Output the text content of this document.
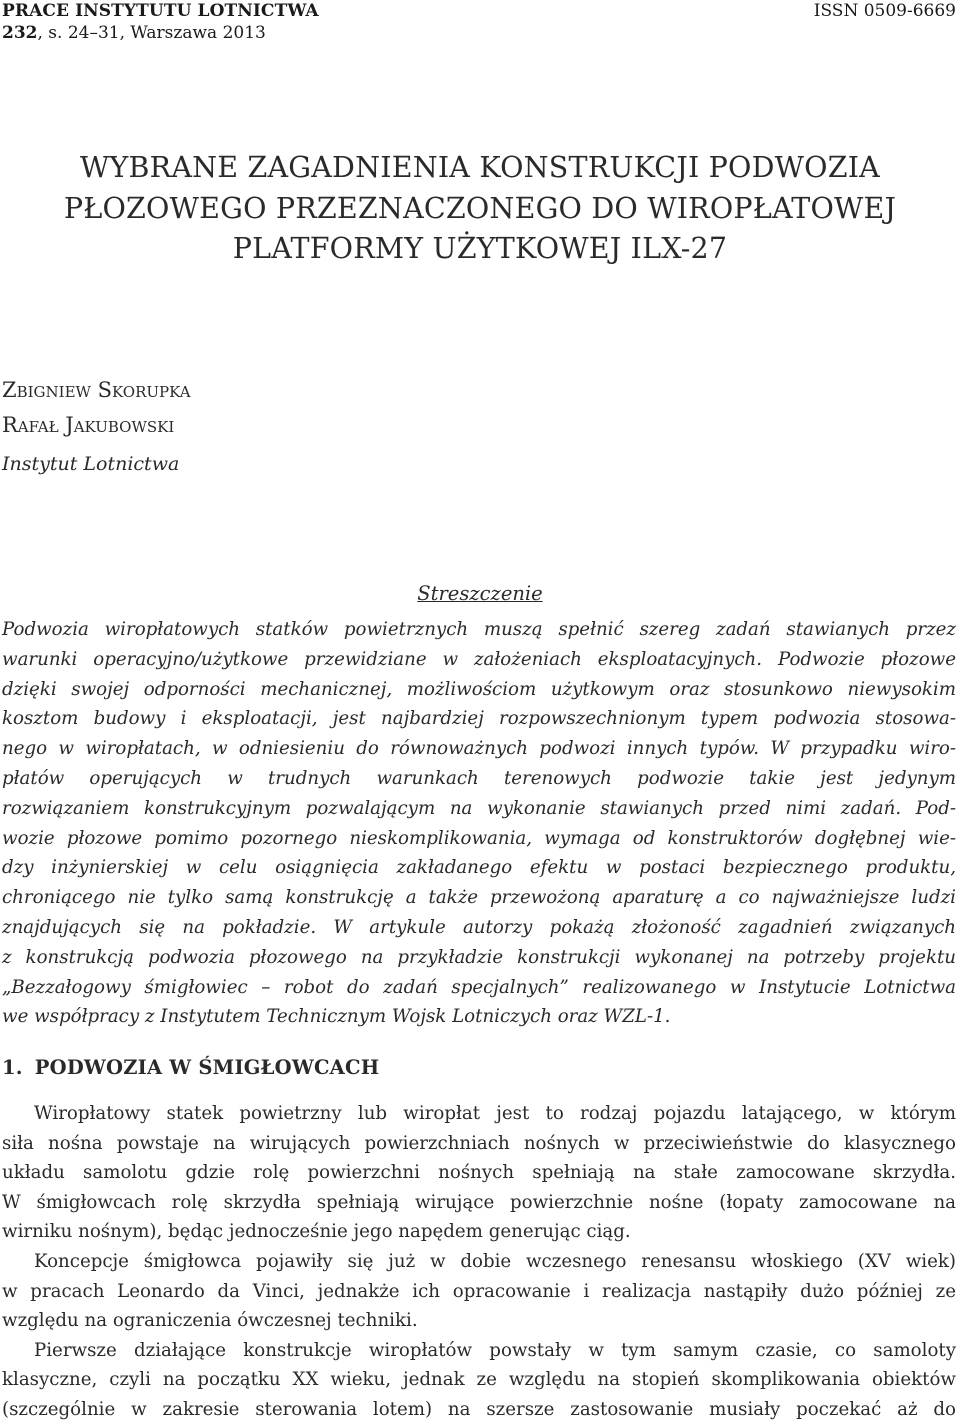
PRACE INSTYTUTU LOTNICTWA
232, s. 24–31, Warszawa 2013
ISSN 0509-6669
WYBRANE ZAGADNIENIA KONSTRUKCJI PODWOZIA
PŁOZOWEGO PRZEZNACZONEGO DO WIROPŁATOWEJ
PLATFORMY UŻYTKOWEJ ILX-27
Zbigniew Skorupka
Rafał Jakubowski
Instytut Lotnictwa
Streszczenie
Podwozia wiropłatowych statków powietrznych muszą spełnić szereg zadań stawianych przez
warunki operacyjno/użytkowe przewidziane w założeniach eksploatacyjnych. Podwozie płozowe
dzięki swojej odporności mechanicznej, możliwościom użytkowym oraz stosunkowo niewysokim
kosztom budowy i eksploatacji, jest najbardziej rozpowszechnionym typem podwozia stosowa-
nego w wiropłatach, w odniesieniu do równoważnych podwozi innych typów. W przypadku wiro-
płatów operujących w trudnych warunkach terenowych podwozie takie jest jedynym
rozwiązaniem konstrukcyjnym pozwalającym na wykonanie stawianych przed nimi zadań. Pod-
wozie płozowe pomimo pozornego nieskomplikowania, wymaga od konstruktorów dogłębnej wie-
dzy inżynierskiej w celu osiągnięcia zakładanego efektu w postaci bezpiecznego produktu,
chroniącego nie tylko samą konstrukcję a także przewożoną aparaturę a co najważniejsze ludzi
znajdujących się na pokładzie. W artykule autorzy pokażą złożoność zagadnień związanych
z konstrukcją podwozia płozowego na przykładzie konstrukcji wykonanej na potrzeby projektu
„Bezzałogowy śmigłowiec – robot do zadań specjalnych” realizowanego w Instytucie Lotnictwa
we współpracy z Instytutem Technicznym Wojsk Lotniczych oraz WZL-1.
1. PODWOZIA W ŚMIGŁOWCACH
Wiropłatowy statek powietrzny lub wiropłat jest to rodzaj pojazdu latającego, w którym
siła nośna powstaje na wirujących powierzchniach nośnych w przeciwieństwie do klasycznego
układu samolotu gdzie rolę powierzchni nośnych spełniają na stałe zamocowane skrzydła.
W śmigłowcach rolę skrzydła spełniają wirujące powierzchnie nośne (łopaty zamocowane na
wirniku nośnym), będąc jednocześnie jego napędem generując ciąg.
Koncepcje śmigłowca pojawiły się już w dobie wczesnego renesansu włoskiego (XV wiek)
w pracach Leonardo da Vinci, jednakże ich opracowanie i realizacja nastąpiły dużo później ze
względu na ograniczenia ówczesnej techniki.
Pierwsze działające konstrukcje wiropłatów powstały w tym samym czasie, co samoloty
klasyczne, czyli na początku XX wieku, jednak ze względu na stopień skomplikowania obiektów
(szczególnie w zakresie sterowania lotem) na szersze zastosowanie musiały poczekać aż do
